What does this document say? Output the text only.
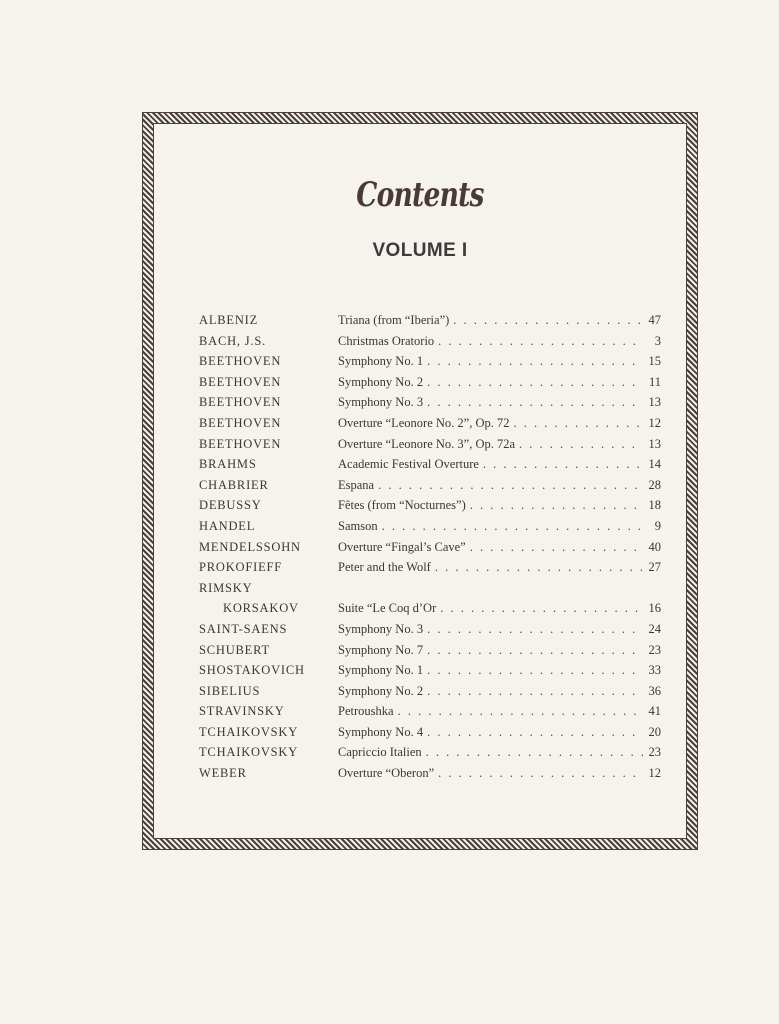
Contents
VOLUME I
ALBENIZ	Triana (from “Iberia”) . . .	47
BACH, J.S.	Christmas Oratorio . . .	3
BEETHOVEN	Symphony No. 1 . . .	15
BEETHOVEN	Symphony No. 2 . . .	11
BEETHOVEN	Symphony No. 3 . . .	13
BEETHOVEN	Overture “Leonore No. 2”, Op. 72 . . .	12
BEETHOVEN	Overture “Leonore No. 3”, Op. 72a . . .	13
BRAHMS	Academic Festival Overture . . .	14
CHABRIER	Espana . . .	28
DEBUSSY	Fêtes (from “Nocturnes”) . . .	18
HANDEL	Samson . . .	9
MENDELSSOHN	Overture “Fingal’s Cave” . . .	40
PROKOFIEFF	Peter and the Wolf . . .	27
RIMSKY
KORSAKOV	Suite “Le Coq d’Or . . .	16
SAINT-SAENS	Symphony No. 3 . . .	24
SCHUBERT	Symphony No. 7 . . .	23
SHOSTAKOVICH	Symphony No. 1 . . .	33
SIBELIUS	Symphony No. 2 . . .	36
STRAVINSKY	Petroushka . . .	41
TCHAIKOVSKY	Symphony No. 4 . . .	20
TCHAIKOVSKY	Capriccio Italien . . .	23
WEBER	Overture “Oberon” . . .	12
